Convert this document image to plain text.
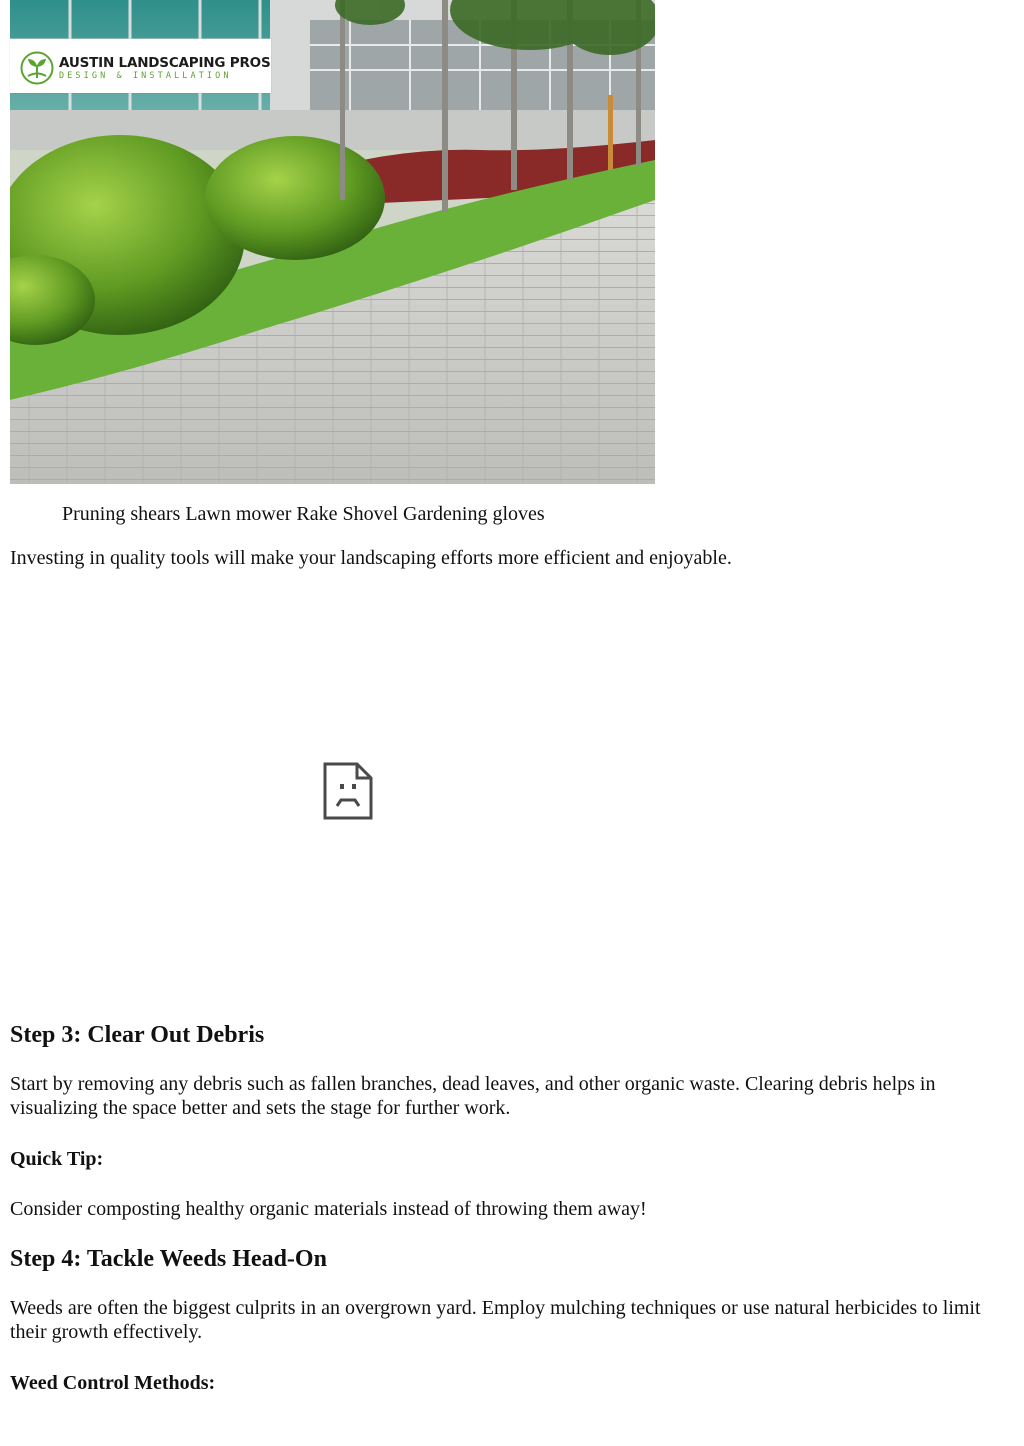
AUSTIN LANDSCAPING PROS
DESIGN & INSTALLATION
Pruning shears Lawn mower Rake Shovel Gardening gloves

Investing in quality tools will make your landscaping efforts more efficient and enjoyable.

Step 3: Clear Out Debris

Start by removing any debris such as fallen branches, dead leaves, and other organic waste. Clearing debris helps in visualizing the space better and sets the stage for further work.

Quick Tip:

Consider composting healthy organic materials instead of throwing them away!

Step 4: Tackle Weeds Head-On

Weeds are often the biggest culprits in an overgrown yard. Employ mulching techniques or use natural herbicides to limit their growth effectively.

Weed Control Methods:
